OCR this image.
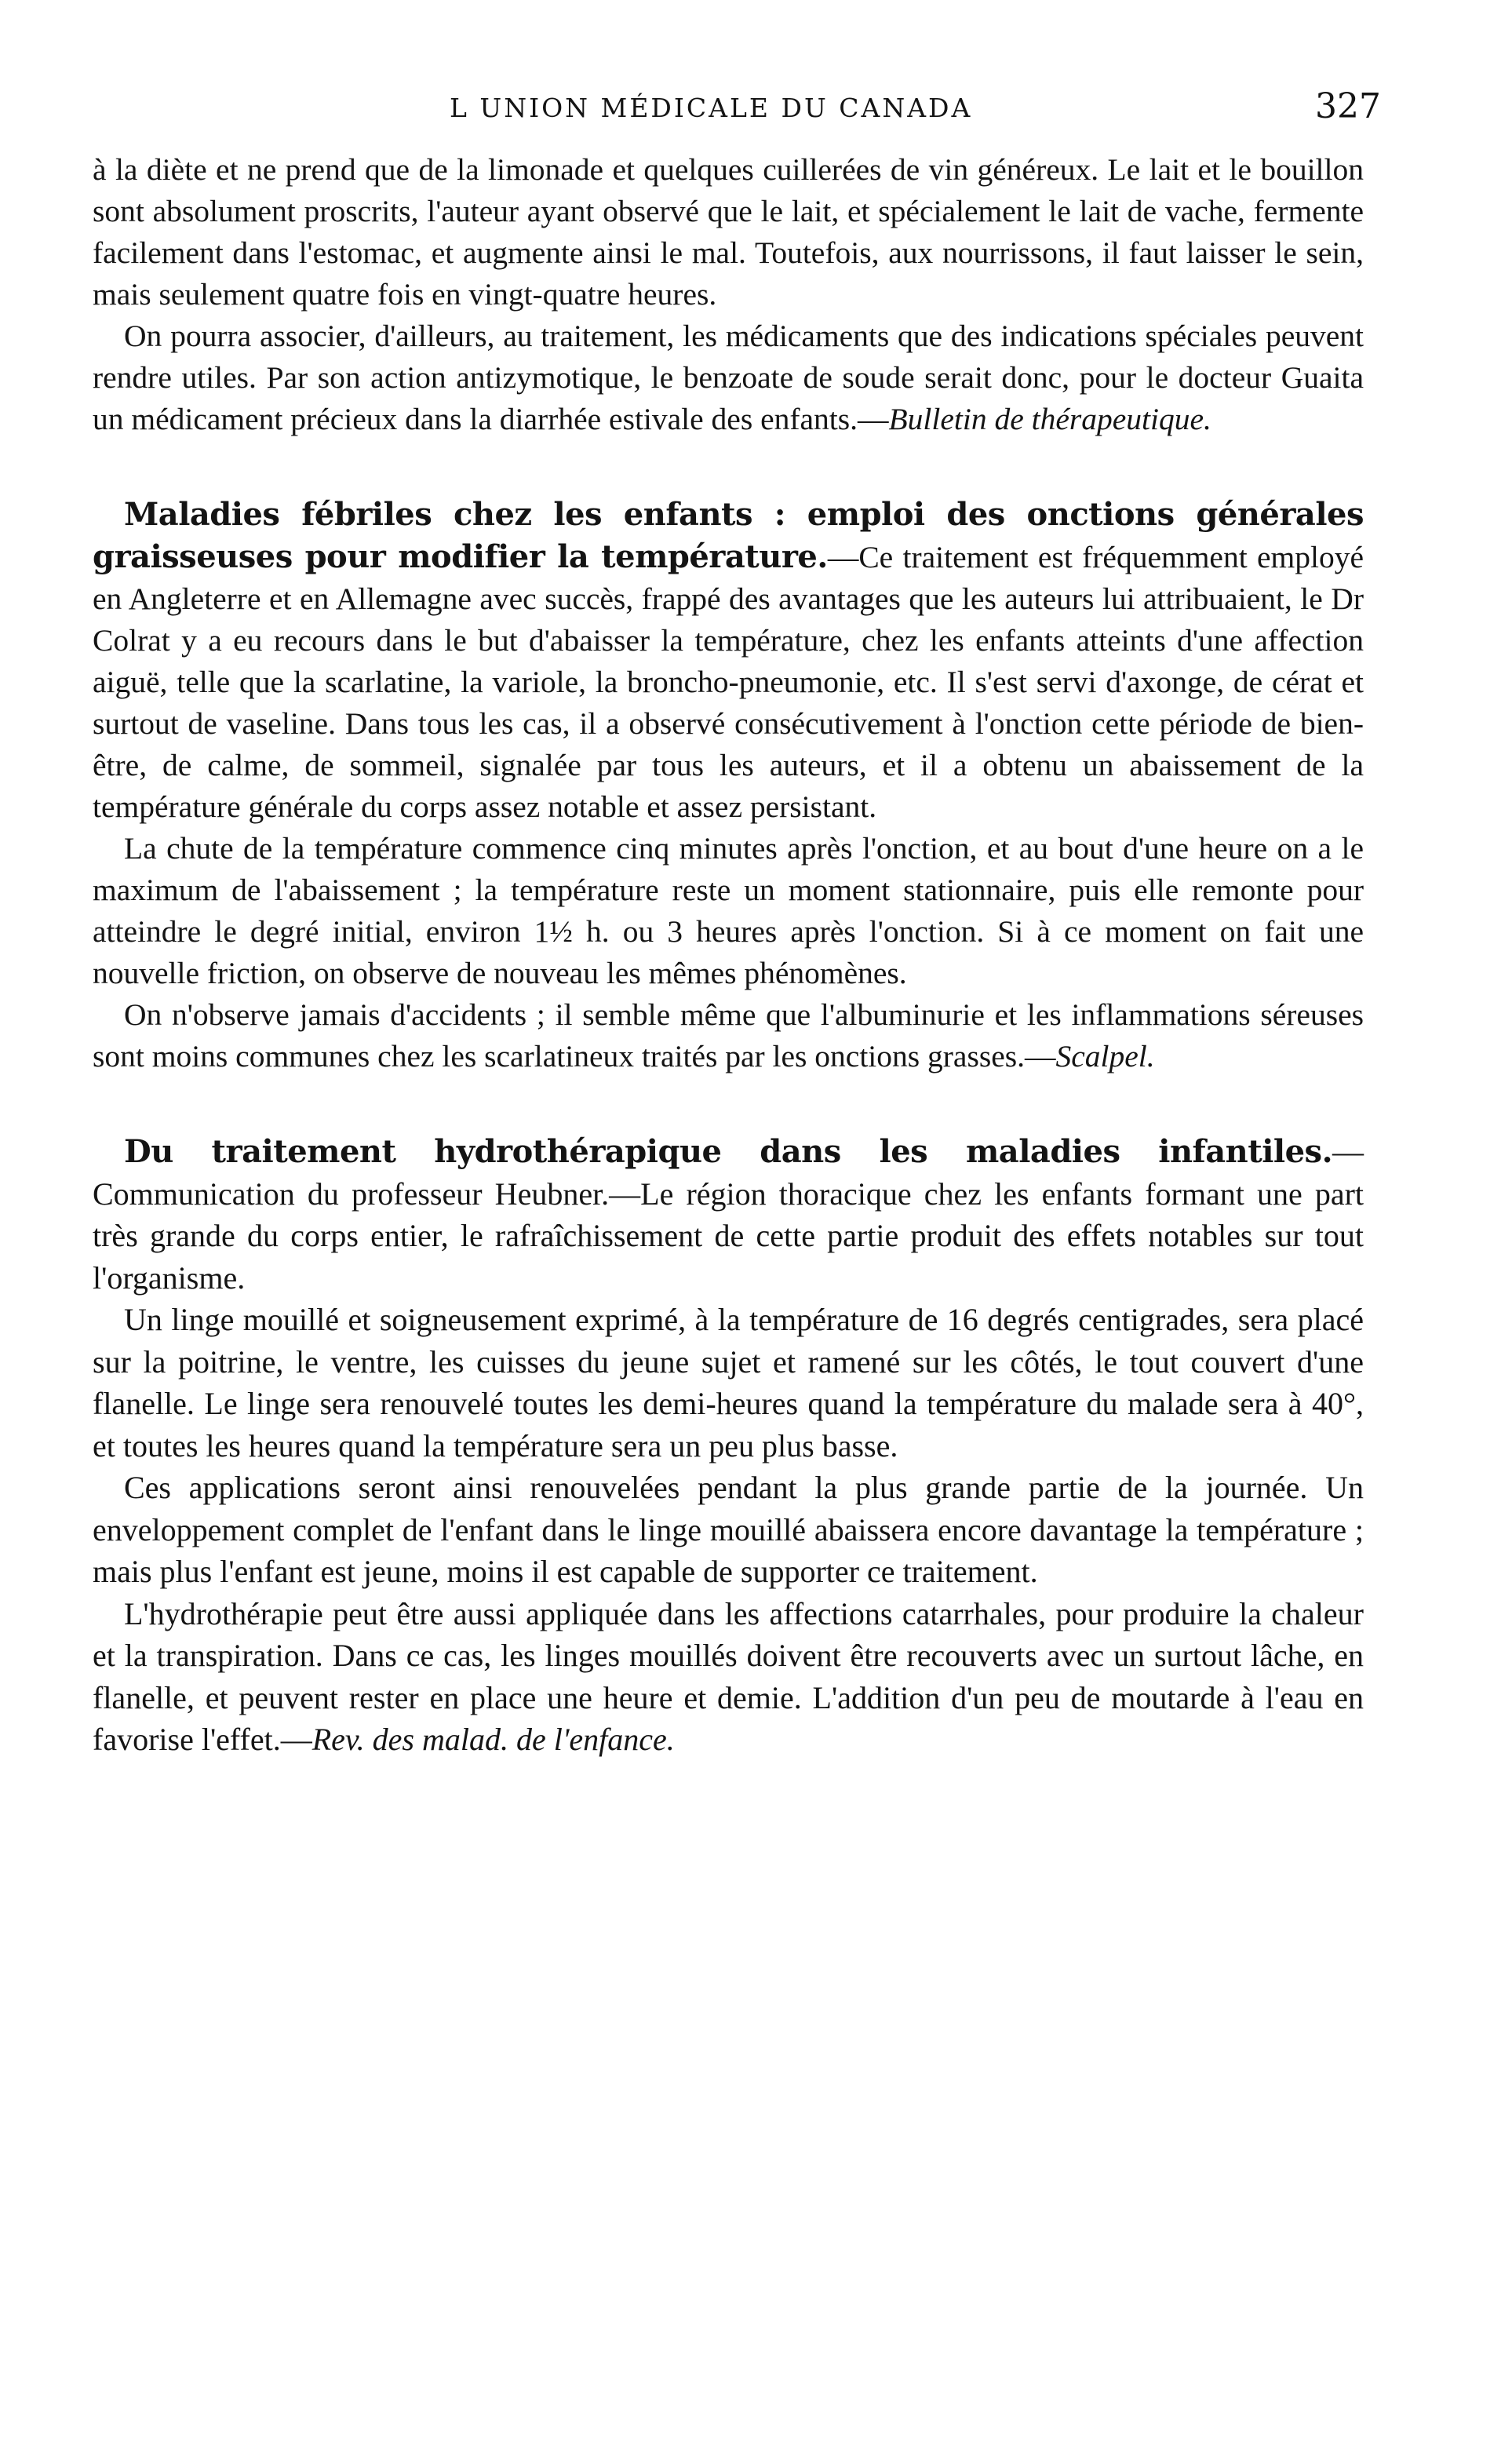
L UNION MÉDICALE DU CANADA	327

à la diète et ne prend que de la limonade et quelques cuillerées de vin généreux. Le lait et le bouillon sont absolument proscrits, l'auteur ayant observé que le lait, et spécialement le lait de vache, fermente facilement dans l'estomac, et augmente ainsi le mal. Toutefois, aux nourrissons, il faut laisser le sein, mais seulement quatre fois en vingt-quatre heures.

On pourra associer, d'ailleurs, au traitement, les médicaments que des indications spéciales peuvent rendre utiles. Par son action antizymotique, le benzoate de soude serait donc, pour le docteur Guaita un médicament précieux dans la diarrhée estivale des enfants.—Bulletin de thérapeutique.

Maladies fébriles chez les enfants : emploi des onctions générales graisseuses pour modifier la température.—Ce traitement est fréquemment employé en Angleterre et en Allemagne avec succès, frappé des avantages que les auteurs lui attribuaient, le Dr Colrat y a eu recours dans le but d'abaisser la température, chez les enfants atteints d'une affection aiguë, telle que la scarlatine, la variole, la broncho-pneumonie, etc. Il s'est servi d'axonge, de cérat et surtout de vaseline. Dans tous les cas, il a observé consécutivement à l'onction cette période de bien-être, de calme, de sommeil, signalée par tous les auteurs, et il a obtenu un abaissement de la température générale du corps assez notable et assez persistant.

La chute de la température commence cinq minutes après l'onction, et au bout d'une heure on a le maximum de l'abaissement ; la température reste un moment stationnaire, puis elle remonte pour atteindre le degré initial, environ 1½ h. ou 3 heures après l'onction. Si à ce moment on fait une nouvelle friction, on observe de nouveau les mêmes phénomènes.

On n'observe jamais d'accidents ; il semble même que l'albuminurie et les inflammations séreuses sont moins communes chez les scarlatineux traités par les onctions grasses.—Scalpel.

Du traitement hydrothérapique dans les maladies infantiles.—Communication du professeur Heubner.—Le région thoracique chez les enfants formant une part très grande du corps entier, le rafraîchissement de cette partie produit des effets notables sur tout l'organisme.

Un linge mouillé et soigneusement exprimé, à la température de 16 degrés centigrades, sera placé sur la poitrine, le ventre, les cuisses du jeune sujet et ramené sur les côtés, le tout couvert d'une flanelle. Le linge sera renouvelé toutes les demi-heures quand la température du malade sera à 40°, et toutes les heures quand la température sera un peu plus basse.

Ces applications seront ainsi renouvelées pendant la plus grande partie de la journée. Un enveloppement complet de l'enfant dans le linge mouillé abaissera encore davantage la température ; mais plus l'enfant est jeune, moins il est capable de supporter ce traitement.

L'hydrothérapie peut être aussi appliquée dans les affections catarrhales, pour produire la chaleur et la transpiration. Dans ce cas, les linges mouillés doivent être recouverts avec un surtout lâche, en flanelle, et peuvent rester en place une heure et demie. L'addition d'un peu de moutarde à l'eau en favorise l'effet.—Rev. des malad. de l'enfance.
